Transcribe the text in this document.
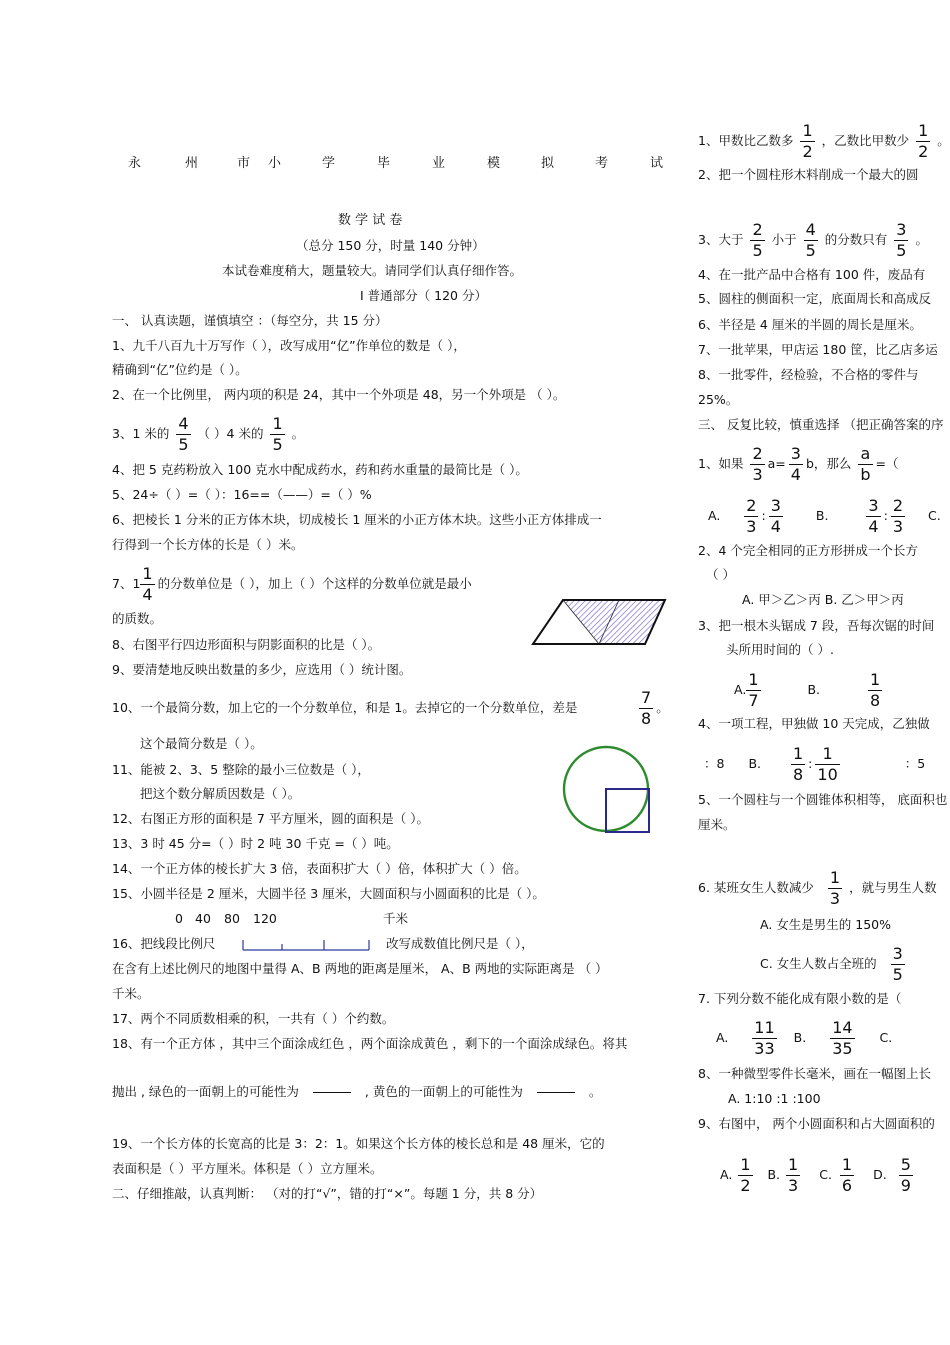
永	州	市 小	学	毕	业	模	拟	考	试
数 学 试 卷
（总分 150 分，时量 140 分钟）
本试卷难度稍大，题量较大。请同学们认真仔细作答。
I 普通部分（ 120 分）
一、 认真读题，谨慎填空 ：（每空分，共 15 分）
1、九千八百九十万写作（ ），改写成用“亿”作单位的数是（ ），
精确到“亿”位约是（ ）。
2、在一个比例里， 两内项的积是 24，其中一个外项是 48，另一个外项是 （ ）。
3、1 米的 $\frac{4}{5}$ （ ）4 米的 $\frac{1}{5}$ 。
4、把 5 克药粉放入 100 克水中配成药水，药和药水重量的最简比是（ ）。
5、24÷（ ）=（ ）：16==（——）=（ ）%
6、把棱长 1 分米的正方体木块，切成棱长 1 厘米的小正方体木块。这些小正方体排成一
行得到一个长方体的长是（ ）米。
7、$1 \frac{1}{4}$ 的分数单位是（ ），加上（ ）个这样的分数单位就是最小
的质数。
8、右图平行四边形面积与阴影面积的比是（ ）。
9、要清楚地反映出数量的多少，应选用（ ）统计图。
10、一个最简分数，加上它的一个分数单位，和是 1。去掉它的一个分数单位，差是	$\frac{7}{8}$ 。
这个最简分数是（ ）。
11、能被 2、3、5 整除的最小三位数是（ ），
把这个数分解质因数是（ ）。
12、右图正方形的面积是 7 平方厘米，圆的面积是（ ）。
13、3 时 45 分=（ ）时 2 吨 30 千克 =（ ）吨。
14、一个正方体的棱长扩大 3 倍，表面积扩大（ ）倍，体积扩大（ ）倍。
15、小圆半径是 2 厘米，大圆半径 3 厘米，大圆面积与小圆面积的比是（ ）。
0 40 80 120	千米
16、把线段比例尺	改写成数值比例尺是（ ），
在含有上述比例尺的地图中量得 A、B 两地的距离是厘米， A、B 两地的实际距离是 （ ）
千米。
17、两个不同质数相乘的积，一共有（ ）个约数。
18、有一个正方体 ，其中三个面涂成红色 ，两个面涂成黄色 ，剩下的一个面涂成绿色。将其
抛出 , 绿色的一面朝上的可能性为	, 黄色的一面朝上的可能性为	。
19、一个长方体的长宽高的比是 3：2：1。如果这个长方体的棱长总和是 48 厘米，它的
表面积是（ ）平方厘米。体积是（ ）立方厘米。
二、仔细推敲，认真判断： （对的打“√”，错的打“×”。每题 1 分，共 8 分）
1、甲数比乙数多 $\frac{1}{2}$ ，乙数比甲数少 $\frac{1}{2}$ 。
2、把一个圆柱形木料削成一个最大的圆
3、大于 $\frac{2}{5}$ 小于 $\frac{4}{5}$ 的分数只有 $\frac{3}{5}$ 。
4、在一批产品中合格有 100 件，废品有
5、圆柱的侧面积一定，底面周长和高成反
6、半径是 4 厘米的半圆的周长是厘米。
7、一批苹果，甲店运 180 筐，比乙店多运
8、一批零件，经检验，不合格的零件与
25%。
三、 反复比较，慎重选择 （把正确答案的序
1、如果 $\frac{2}{3} a= \frac{3}{4}$ b，那么 $\frac{a}{b}$ =（
A. $\frac{2}{3}$ : $\frac{3}{4}$	B. $\frac{3}{4}$ : $\frac{2}{3} C$.
2、4 个完全相同的正方形拼成一个长方
（ ）
A. 甲＞乙＞丙 B. 乙＞甲＞丙
3、把一根木头锯成 7 段，吾每次锯的时间
头所用时间的（ ）.
A. $\frac{1}{7}$	B.	$\frac{1}{8}$
4、一项工程，甲独做 10 天完成，乙独做
：8 B. $\frac{1}{8}$ : $\frac{1}{10}$	：5
5、一个圆柱与一个圆锥体积相等， 底面积也
厘米。
6. 某班女生人数减少 $\frac{1}{3}$ ，就与男生人数
A. 女生是男生的 150%
C. 女生人数占全班的 $\frac{3}{5}$
7. 下列分数不能化成有限小数的是（
A. $\frac{11}{33} B$. $\frac{14}{35} C$.
8、一种微型零件长毫米，画在一幅图上长
A. 1:10 :1 :100
9、右图中， 两个小圆面积和占大圆面积的
A. $\frac{1}{2} B$. $\frac{1}{3} C$. $\frac{1}{6} D$. $\frac{5}{9}$
